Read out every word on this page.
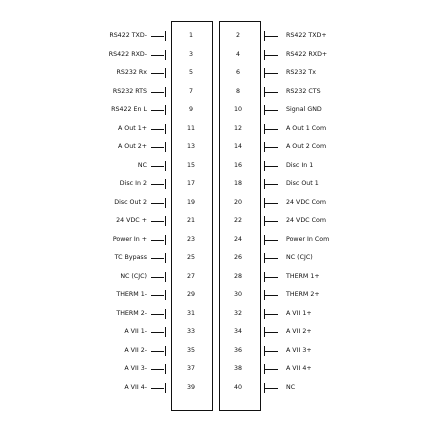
RS422 TXD-	1	2	RS422 TXD+
RS422 RXD-	3	4	RS422 RXD+
RS232 Rx	5	6	RS232 Tx
RS232 RTS	7	8	RS232 CTS
RS422 En L	9	10	Signal GND
A Out 1+	11	12	A Out 1 Com
A Out 2+	13	14	A Out 2 Com
NC	15	16	Disc In 1
Disc In 2	17	18	Disc Out 1
Disc Out 2	19	20	24 VDC Com
24 VDC +	21	22	24 VDC Com
Power In +	23	24	Power In Com
TC Bypass	25	26	NC (CJC)
NC (CJC)	27	28	THERM 1+
THERM 1-	29	30	THERM 2+
THERM 2-	31	32	A VII 1+
A VII 1-	33	34	A VII 2+
A VII 2-	35	36	A VII 3+
A VII 3-	37	38	A VII 4+
A VII 4-	39	40	NC
